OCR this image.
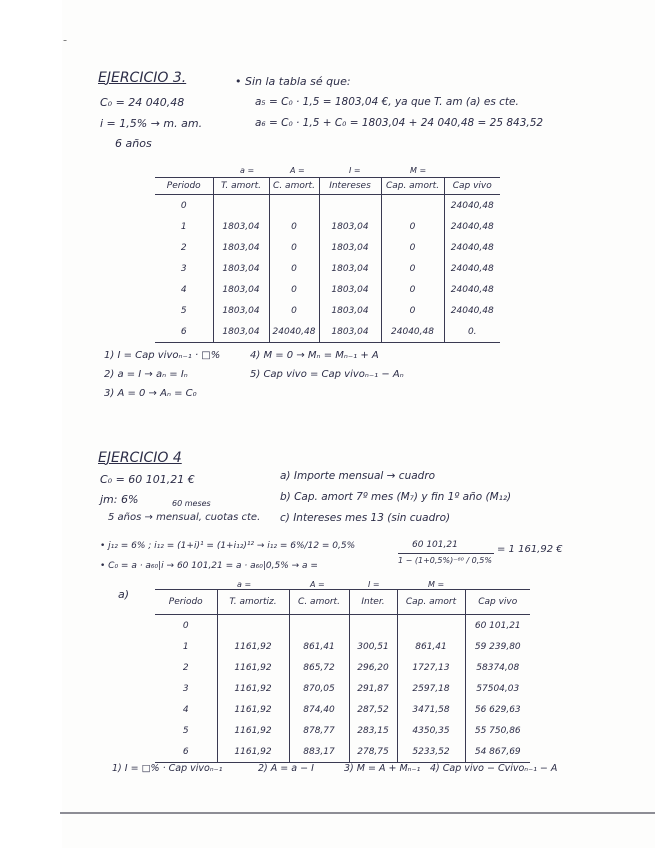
-
EJERCICIO 3.
C₀ = 24 040,48
i = 1,5% → m. am.
6 años
• Sin la tabla sé que:
a₅ = C₀ · 1,5 = 1803,04 €, ya que T. am (a) es cte.
a₆ = C₀ · 1,5 + C₀ = 1803,04 + 24 040,48 = 25 843,52
a =	A =	I =	M =
Periodo	T. amort.	C. amort.	Intereses	Cap. amort.	Cap vivo
0					24040,48
1	1803,04	0	1803,04	0	24040,48
2	1803,04	0	1803,04	0	24040,48
3	1803,04	0	1803,04	0	24040,48
4	1803,04	0	1803,04	0	24040,48
5	1803,04	0	1803,04	0	24040,48
6	1803,04	24040,48	1803,04	24040,48	0.
1) I = Cap vivoₙ₋₁ · □%	4) M = 0 → Mₙ = Mₙ₋₁ + A
2) a = I → aₙ = Iₙ	5) Cap vivo = Cap vivoₙ₋₁ − Aₙ
3) A = 0 → Aₙ = C₀
EJERCICIO 4
C₀ = 60 101,21 €
jm: 6%	60 meses
5 años → mensual, cuotas cte.
a) Importe mensual → cuadro
b) Cap. amort 7º mes (M₇) y fin 1º año (M₁₂)
c) Intereses mes 13 (sin cuadro)
• j₁₂ = 6% ; i₁₂ = (1+i)¹ = (1+i₁₂)¹² → i₁₂ = 6%/12 = 0,5%
• C₀ = a · a₆₀|i → 60 101,21 = a · a₆₀|0,5% → a =
60 101,21
1 − (1+0,5%)⁻⁶⁰ / 0,5%
= 1 161,92 €
a)
a =	A =	I =	M =
Periodo	T. amortiz.	C. amort.	Inter.	Cap. amort	Cap vivo
0					60 101,21
1	1161,92	861,41	300,51	861,41	59 239,80
2	1161,92	865,72	296,20	1727,13	58374,08
3	1161,92	870,05	291,87	2597,18	57504,03
4	1161,92	874,40	287,52	3471,58	56 629,63
5	1161,92	878,77	283,15	4350,35	55 750,86
6	1161,92	883,17	278,75	5233,52	54 867,69
1) I = □% · Cap vivoₙ₋₁	2) A = a − I	3) M = A + Mₙ₋₁ 4) Cap vivo − Cvivoₙ₋₁ − A
